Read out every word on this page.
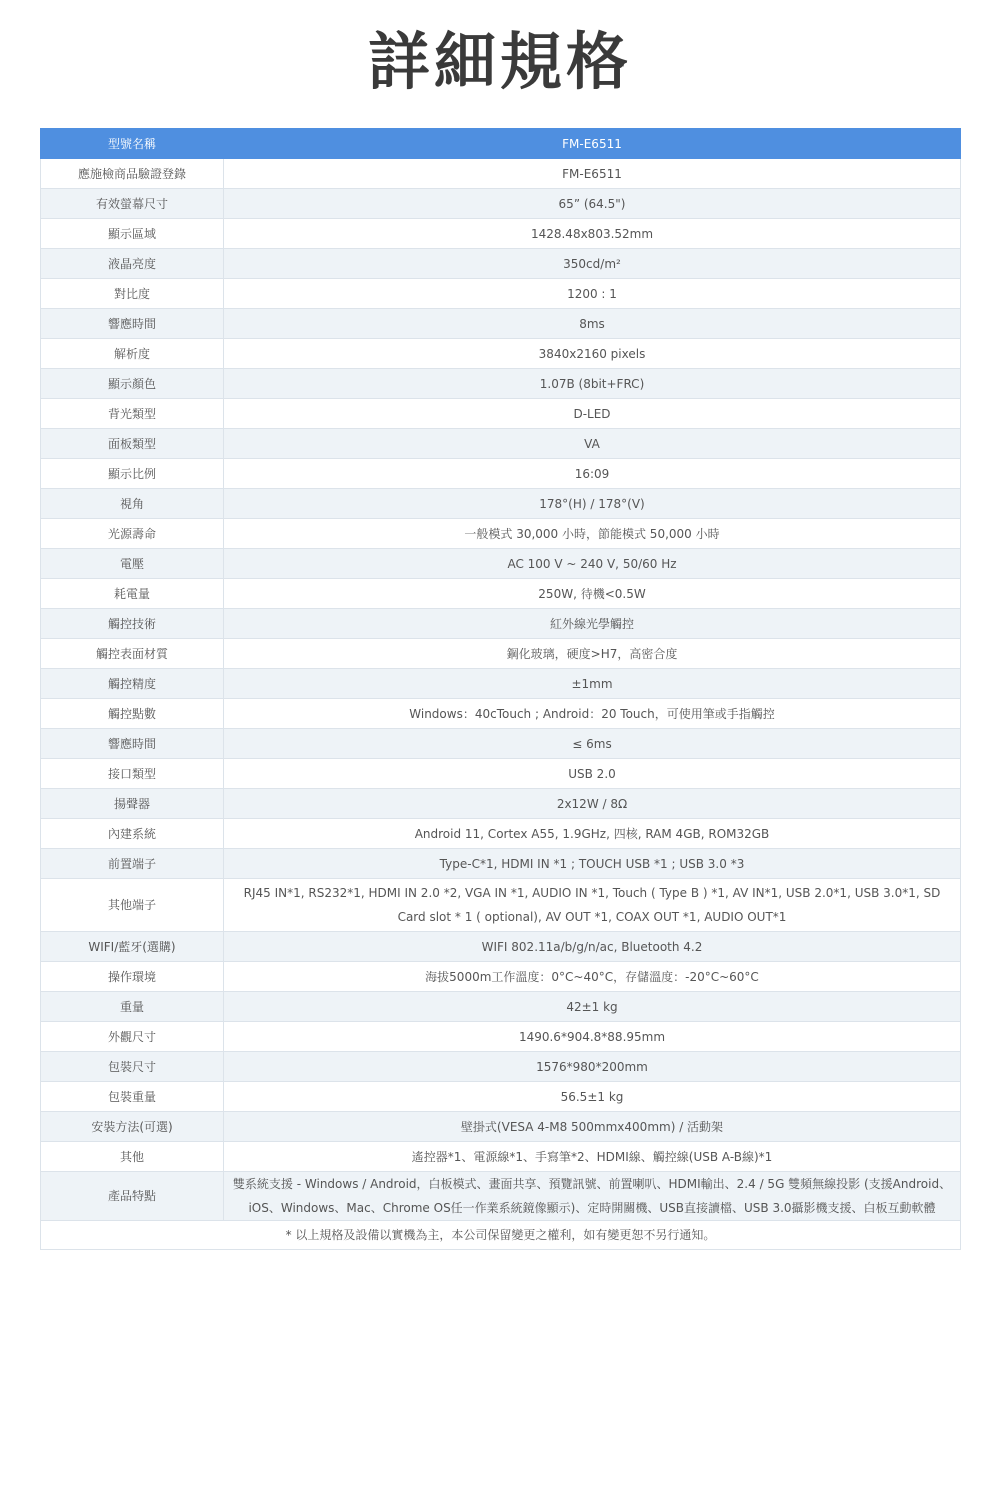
詳細規格
型號名稱	FM-E6511
應施檢商品驗證登錄	FM-E6511
有效螢幕尺寸	65” (64.5")
顯示區域	1428.48x803.52mm
液晶亮度	350cd/m²
對比度	1200 : 1
響應時間	8ms
解析度	3840x2160 pixels
顯示顏色	1.07B (8bit+FRC)
背光類型	D-LED
面板類型	VA
顯示比例	16:09
視角	178°(H) / 178°(V)
光源壽命	一般模式 30,000 小時，節能模式 50,000 小時
電壓	AC 100 V ~ 240 V, 50/60 Hz
耗電量	250W, 待機<0.5W
觸控技術	紅外線光學觸控
觸控表面材質	鋼化玻璃，硬度>H7，高密合度
觸控精度	±1mm
觸控點數	Windows：40cTouch ; Android：20 Touch，可使用筆或手指觸控
響應時間	≤ 6ms
接口類型	USB 2.0
揚聲器	2x12W / 8Ω
內建系統	Android 11, Cortex A55, 1.9GHz, 四核, RAM 4GB, ROM32GB
前置端子	Type-C*1, HDMI IN *1 ; TOUCH USB *1 ; USB 3.0 *3
其他端子	RJ45 IN*1, RS232*1, HDMI IN 2.0 *2, VGA IN *1, AUDIO IN *1, Touch ( Type B ) *1, AV IN*1, USB 2.0*1, USB 3.0*1, SD Card slot * 1 ( optional), AV OUT *1, COAX OUT *1, AUDIO OUT*1
WIFI/藍牙(選購)	WIFI 802.11a/b/g/n/ac, Bluetooth 4.2
操作環境	海拔5000m工作溫度：0°C~40°C，存儲溫度：-20°C~60°C
重量	42±1 kg
外觀尺寸	1490.6*904.8*88.95mm
包裝尺寸	1576*980*200mm
包裝重量	56.5±1 kg
安裝方法(可選)	壁掛式(VESA 4-M8 500mmx400mm) / 活動架
其他	遙控器*1、電源線*1、手寫筆*2、HDMI線、觸控線(USB A-B線)*1
產品特點	雙系統支援 - Windows / Android，白板模式、畫面共享、預覽訊號、前置喇叭、HDMI輸出、2.4 / 5G 雙頻無線投影 (支援Android、iOS、Windows、Mac、Chrome OS任一作業系統鏡像顯示)、定時開關機、USB直接讀檔、USB 3.0攝影機支援、白板互動軟體
* 以上規格及設備以實機為主，本公司保留變更之權利，如有變更恕不另行通知。	
